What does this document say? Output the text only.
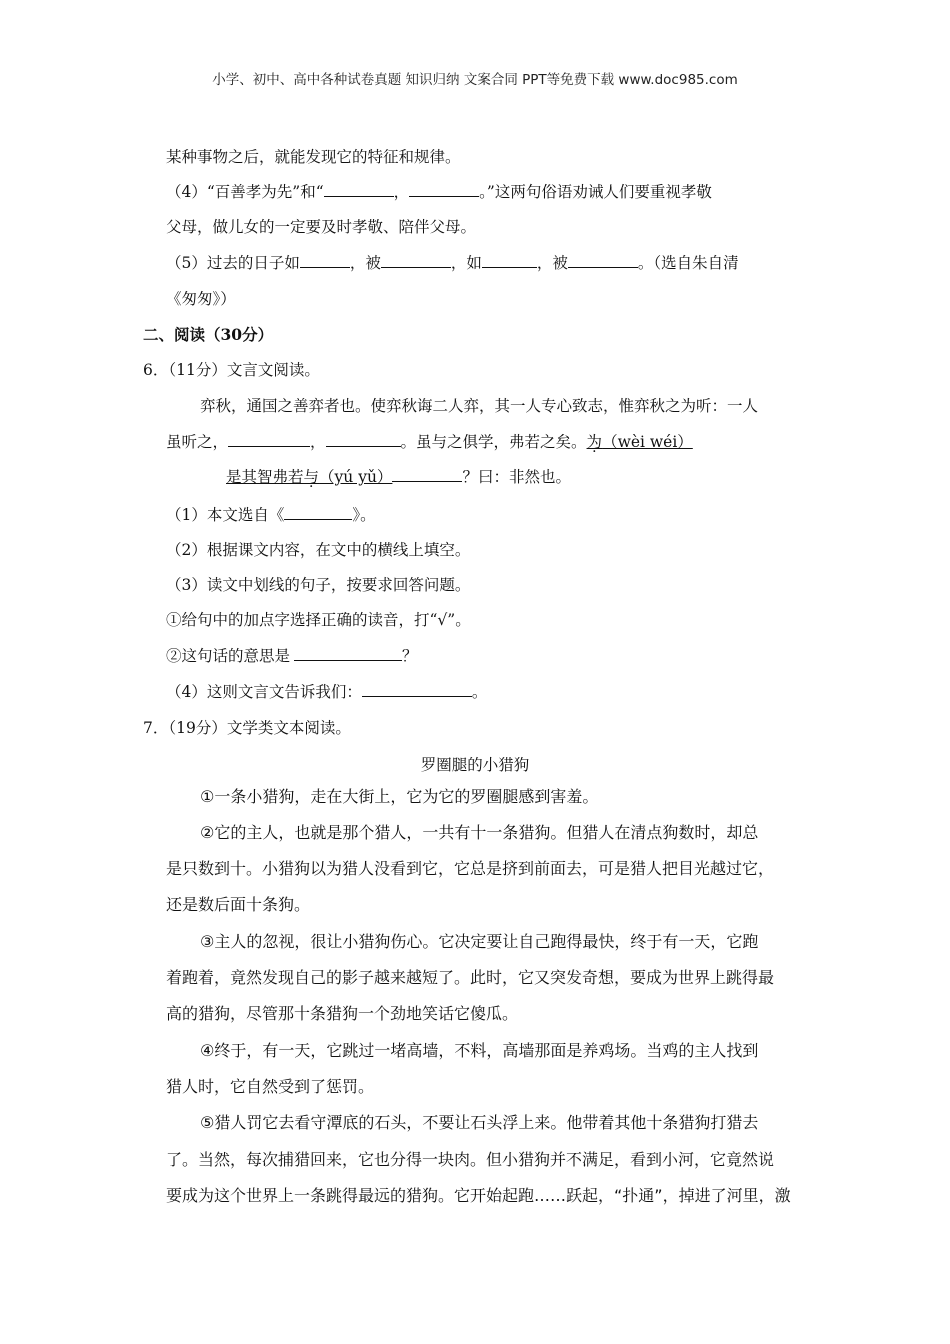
小学、初中、高中各种试卷真题 知识归纳 文案合同 PPT等免费下载 www.doc985.com
某种事物之后，就能发现它的特征和规律。
（4）“百善孝为先”和“	，	。”这两句俗语劝诫人们要重视孝敬
父母，做儿女的一定要及时孝敬、陪伴父母。
（5）过去的日子如	，被	，如	，被	。（选自朱自清
《匆匆》）
二、阅读（30分）
6．（11分）文言文阅读。
弈秋，通国之善弈者也。使弈秋诲二人弈，其一人专心致志，惟弈秋之为听：一人
虽听之，	，	。虽与之俱学，弗若之矣。为（wèi wéi）
是其智弗若与（yú yǔ）	？曰：非然也。
（1）本文选自《	》。
（2）根据课文内容，在文中的横线上填空。
（3）读文中划线的句子，按要求回答问题。
①给句中的加点字选择正确的读音，打“√”。
②这句话的意思是	？
（4）这则文言文告诉我们：	。
7．（19分）文学类文本阅读。
罗圈腿的小猎狗
①一条小猎狗，走在大街上，它为它的罗圈腿感到害羞。
②它的主人，也就是那个猎人，一共有十一条猎狗。但猎人在清点狗数时，却总
是只数到十。小猎狗以为猎人没看到它，它总是挤到前面去，可是猎人把目光越过它，
还是数后面十条狗。
③主人的忽视，很让小猎狗伤心。它决定要让自己跑得最快，终于有一天，它跑
着跑着，竟然发现自己的影子越来越短了。此时，它又突发奇想，要成为世界上跳得最
高的猎狗，尽管那十条猎狗一个劲地笑话它傻瓜。
④终于，有一天，它跳过一堵高墙，不料，高墙那面是养鸡场。当鸡的主人找到
猎人时，它自然受到了惩罚。
⑤猎人罚它去看守潭底的石头，不要让石头浮上来。他带着其他十条猎狗打猎去
了。当然，每次捕猎回来，它也分得一块肉。但小猎狗并不满足，看到小河，它竟然说
要成为这个世界上一条跳得最远的猎狗。它开始起跑……跃起，“扑通”，掉进了河里，激
